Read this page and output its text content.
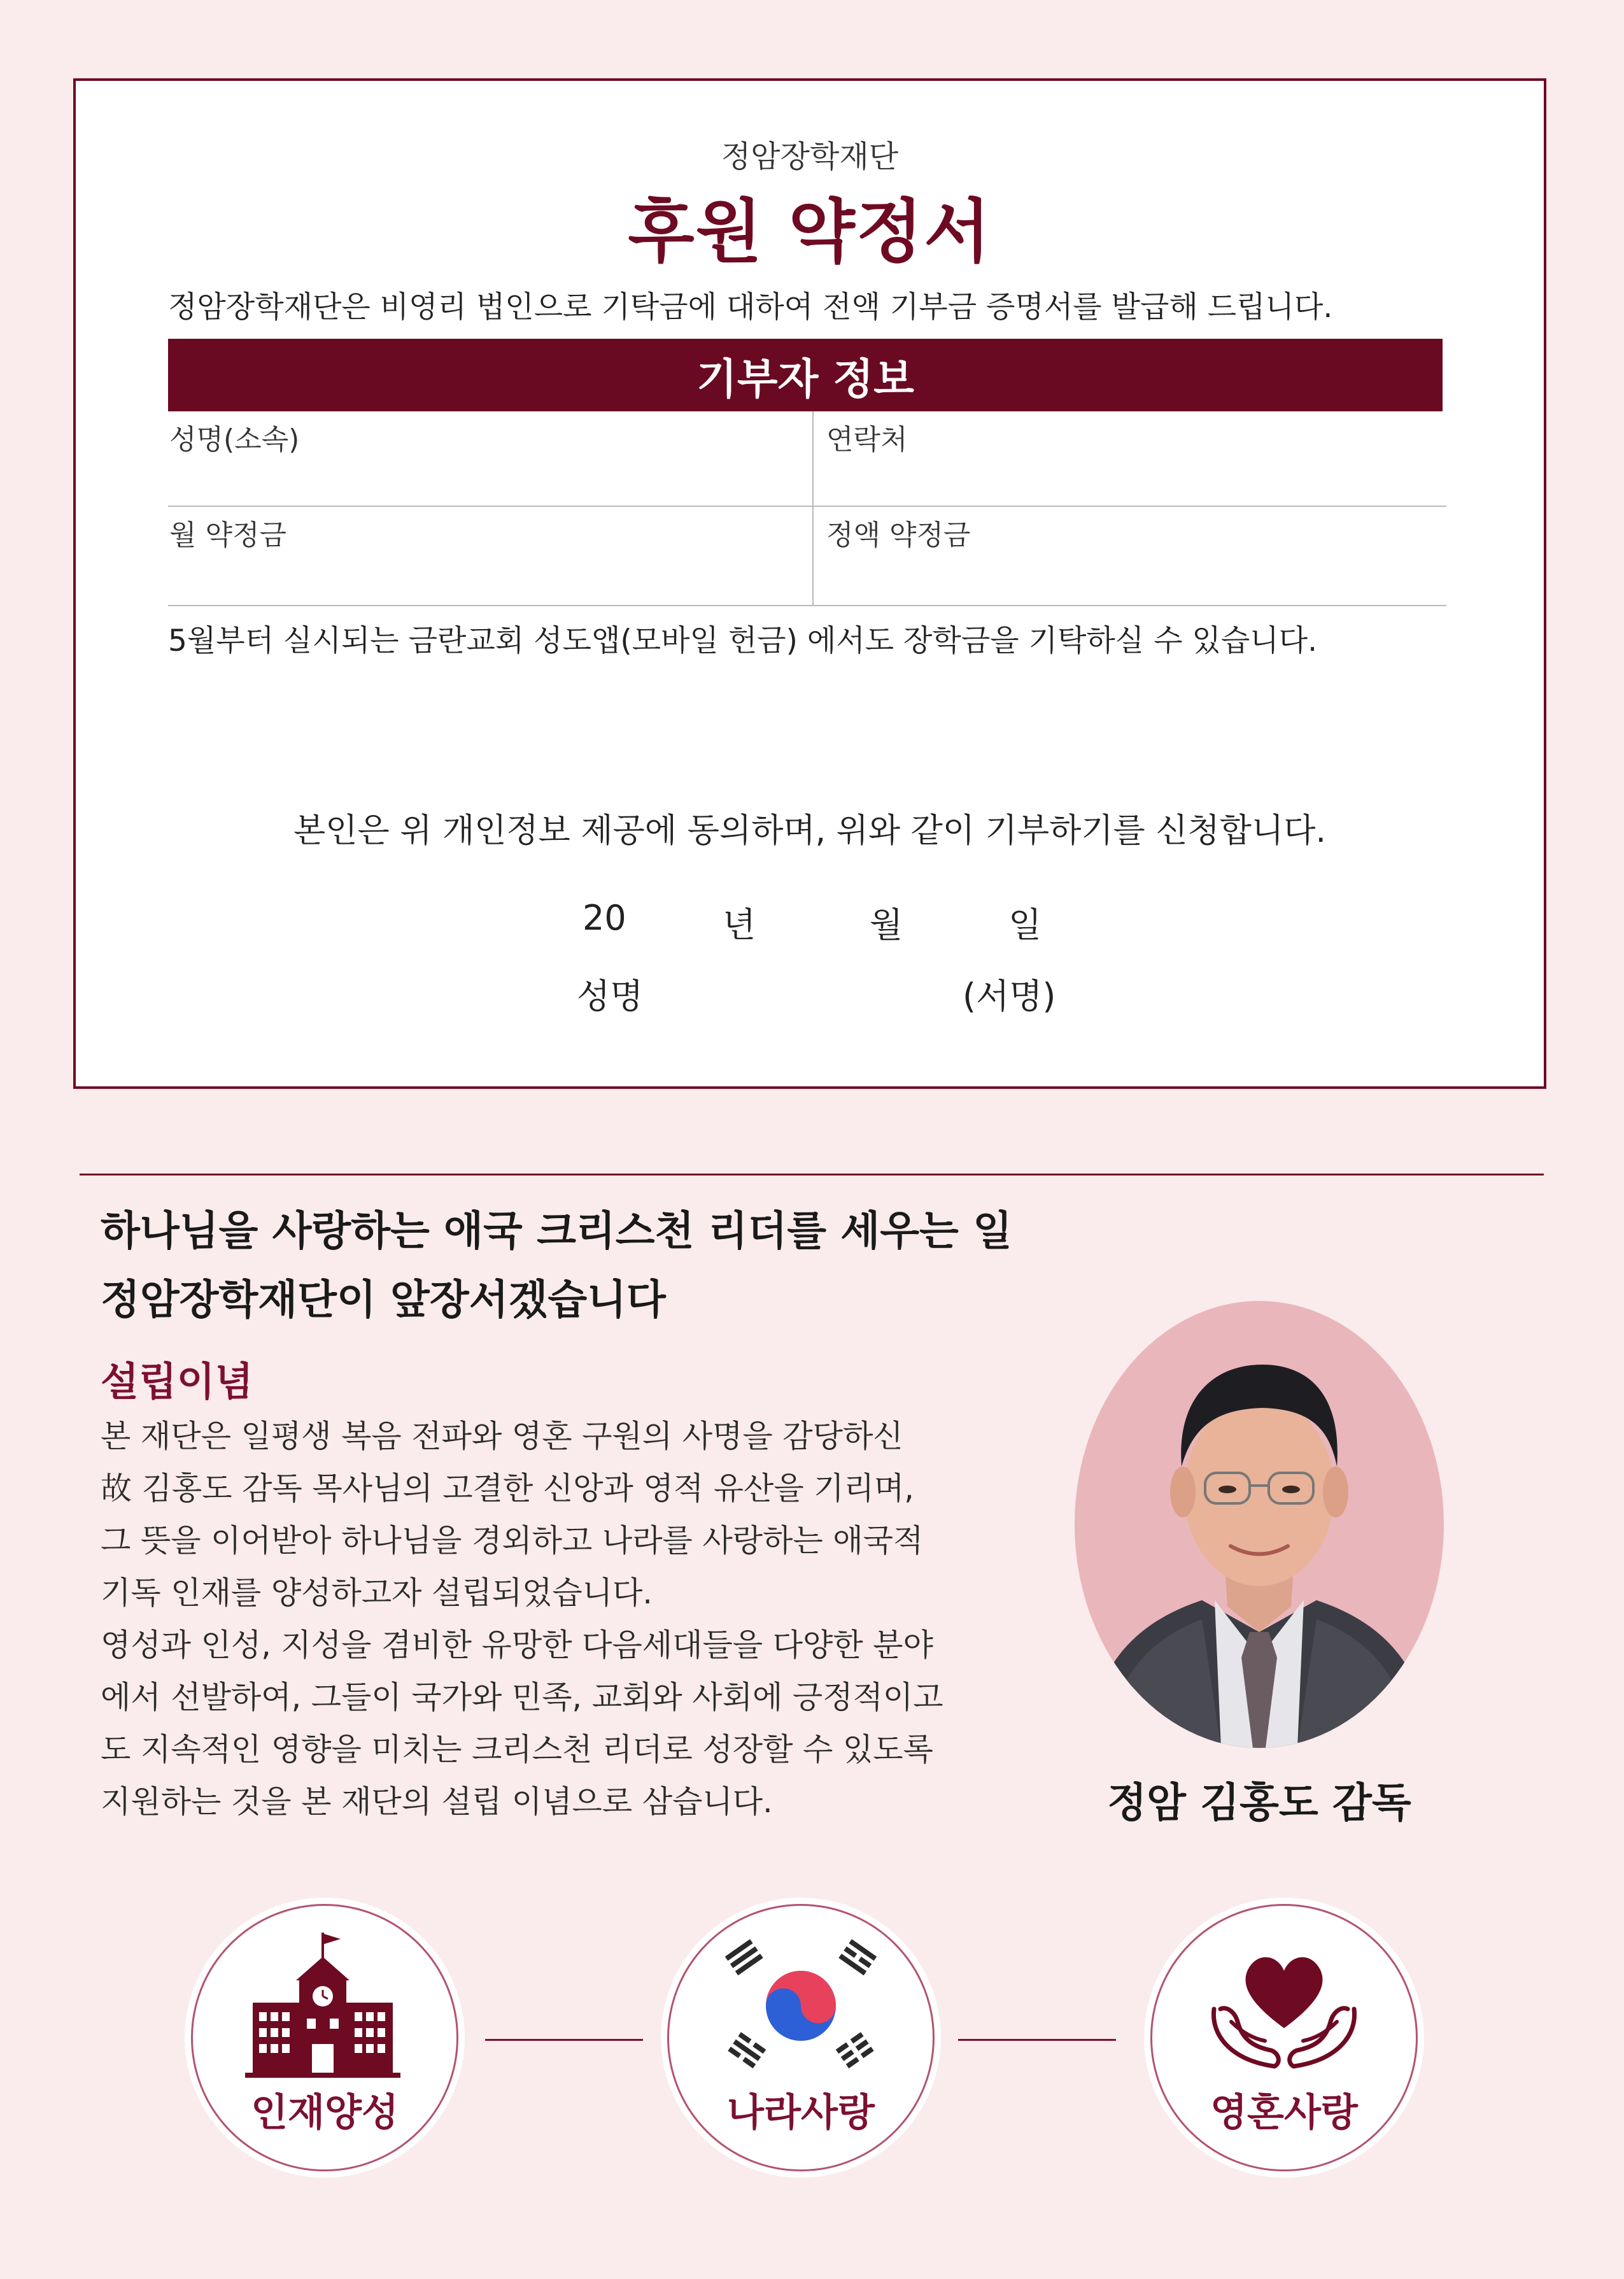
정암장학재단
후원 약정서
정암장학재단은 비영리 법인으로 기탁금에 대하여 전액 기부금 증명서를 발급해 드립니다.
기부자 정보
성명(소속)	연락처
월 약정금	정액 약정금
5월부터 실시되는 금란교회 성도앱(모바일 헌금) 에서도 장학금을 기탁하실 수 있습니다.
본인은 위 개인정보 제공에 동의하며, 위와 같이 기부하기를 신청합니다.
20	년	월	일
성명	(서명)
하나님을 사랑하는 애국 크리스천 리더를 세우는 일
정암장학재단이 앞장서겠습니다
설립이념
본 재단은 일평생 복음 전파와 영혼 구원의 사명을 감당하신
故 김홍도 감독 목사님의 고결한 신앙과 영적 유산을 기리며,
그 뜻을 이어받아 하나님을 경외하고 나라를 사랑하는 애국적
기독 인재를 양성하고자 설립되었습니다.
영성과 인성, 지성을 겸비한 유망한 다음세대들을 다양한 분야
에서 선발하여, 그들이 국가와 민족, 교회와 사회에 긍정적이고
도 지속적인 영향을 미치는 크리스천 리더로 성장할 수 있도록
지원하는 것을 본 재단의 설립 이념으로 삼습니다.	정암 김홍도 감독
인재양성	나라사랑	영혼사랑
